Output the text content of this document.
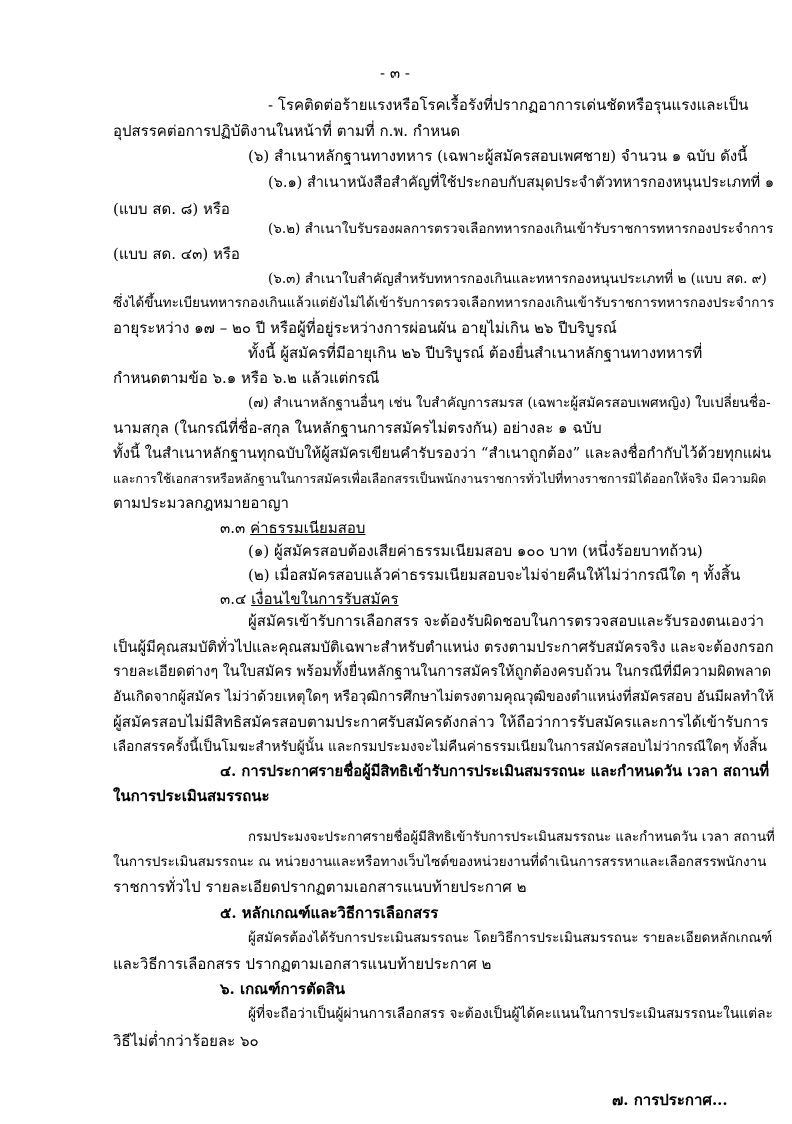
- ๓ -
- โรคติดต่อร้ายแรงหรือโรคเรื้อรังที่ปรากฏอาการเด่นชัดหรือรุนแรงและเป็น
อุปสรรคต่อการปฏิบัติงานในหน้าที่ ตามที่ ก.พ. กำหนด
(๖) สำเนาหลักฐานทางทหาร (เฉพาะผู้สมัครสอบเพศชาย) จำนวน ๑ ฉบับ ดังนี้
(๖.๑) สำเนาหนังสือสำคัญที่ใช้ประกอบกับสมุดประจำตัวทหารกองหนุนประเภทที่ ๑
(แบบ สด. ๘) หรือ
(๖.๒) สำเนาใบรับรองผลการตรวจเลือกทหารกองเกินเข้ารับราชการทหารกองประจำการ
(แบบ สด. ๔๓) หรือ
(๖.๓) สำเนาใบสำคัญสำหรับทหารกองเกินและทหารกองหนุนประเภทที่ ๒ (แบบ สด. ๙)
ซึ่งได้ขึ้นทะเบียนทหารกองเกินแล้วแต่ยังไม่ได้เข้ารับการตรวจเลือกทหารกองเกินเข้ารับราชการทหารกองประจำการ
อายุระหว่าง ๑๗ – ๒๐ ปี หรือผู้ที่อยู่ระหว่างการผ่อนผัน อายุไม่เกิน ๒๖ ปีบริบูรณ์
ทั้งนี้ ผู้สมัครที่มีอายุเกิน ๒๖ ปีบริบูรณ์ ต้องยื่นสำเนาหลักฐานทางทหารที่
กำหนดตามข้อ ๖.๑ หรือ ๖.๒ แล้วแต่กรณี
(๗) สำเนาหลักฐานอื่นๆ เช่น ใบสำคัญการสมรส (เฉพาะผู้สมัครสอบเพศหญิง) ใบเปลี่ยนชื่อ-
นามสกุล (ในกรณีที่ชื่อ-สกุล ในหลักฐานการสมัครไม่ตรงกัน) อย่างละ ๑ ฉบับ
ทั้งนี้ ในสำเนาหลักฐานทุกฉบับให้ผู้สมัครเขียนคำรับรองว่า “สำเนาถูกต้อง” และลงชื่อกำกับไว้ด้วยทุกแผ่น
และการใช้เอกสารหรือหลักฐานในการสมัครเพื่อเลือกสรรเป็นพนักงานราชการทั่วไปที่ทางราชการมิได้ออกให้จริง มีความผิด
ตามประมวลกฎหมายอาญา
๓.๓ ค่าธรรมเนียมสอบ
(๑) ผู้สมัครสอบต้องเสียค่าธรรมเนียมสอบ ๑๐๐ บาท (หนึ่งร้อยบาทถ้วน)
(๒) เมื่อสมัครสอบแล้วค่าธรรมเนียมสอบจะไม่จ่ายคืนให้ไม่ว่ากรณีใด ๆ ทั้งสิ้น
๓.๔ เงื่อนไขในการรับสมัคร
ผู้สมัครเข้ารับการเลือกสรร จะต้องรับผิดชอบในการตรวจสอบและรับรองตนเองว่า
เป็นผู้มีคุณสมบัติทั่วไปและคุณสมบัติเฉพาะสำหรับตำแหน่ง ตรงตามประกาศรับสมัครจริง และจะต้องกรอก
รายละเอียดต่างๆ ในใบสมัคร พร้อมทั้งยื่นหลักฐานในการสมัครให้ถูกต้องครบถ้วน ในกรณีที่มีความผิดพลาด
อันเกิดจากผู้สมัคร ไม่ว่าด้วยเหตุใดๆ หรือวุฒิการศึกษาไม่ตรงตามคุณวุฒิของตำแหน่งที่สมัครสอบ อันมีผลทำให้
ผู้สมัครสอบไม่มีสิทธิสมัครสอบตามประกาศรับสมัครดังกล่าว ให้ถือว่าการรับสมัครและการได้เข้ารับการ
เลือกสรรครั้งนี้เป็นโมฆะสำหรับผู้นั้น และกรมประมงจะไม่คืนค่าธรรมเนียมในการสมัครสอบไม่ว่ากรณีใดๆ ทั้งสิ้น
๔. การประกาศรายชื่อผู้มีสิทธิเข้ารับการประเมินสมรรถนะ และกำหนดวัน เวลา สถานที่
ในการประเมินสมรรถนะ
กรมประมงจะประกาศรายชื่อผู้มีสิทธิเข้ารับการประเมินสมรรถนะ และกำหนดวัน เวลา สถานที่
ในการประเมินสมรรถนะ ณ หน่วยงานและหรือทางเว็บไซต์ของหน่วยงานที่ดำเนินการสรรหาและเลือกสรรพนักงาน
ราชการทั่วไป รายละเอียดปรากฏตามเอกสารแนบท้ายประกาศ ๒
๕. หลักเกณฑ์และวิธีการเลือกสรร
ผู้สมัครต้องได้รับการประเมินสมรรถนะ โดยวิธีการประเมินสมรรถนะ รายละเอียดหลักเกณฑ์
และวิธีการเลือกสรร ปรากฏตามเอกสารแนบท้ายประกาศ ๒
๖. เกณฑ์การตัดสิน
ผู้ที่จะถือว่าเป็นผู้ผ่านการเลือกสรร จะต้องเป็นผู้ได้คะแนนในการประเมินสมรรถนะในแต่ละ
วิธีไม่ต่ำกว่าร้อยละ ๖๐
๗. การประกาศ...
